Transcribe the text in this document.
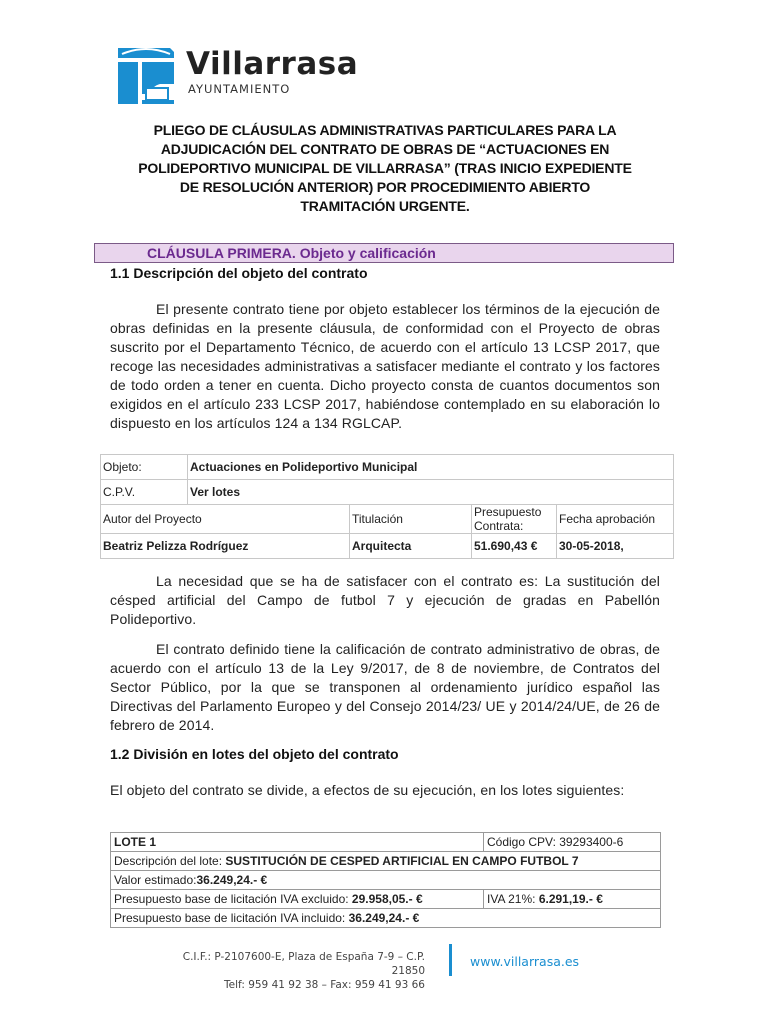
Villarrasa
AYUNTAMIENTO
PLIEGO DE CLÁUSULAS ADMINISTRATIVAS PARTICULARES PARA LA
ADJUDICACIÓN DEL CONTRATO DE OBRAS DE “ACTUACIONES EN
POLIDEPORTIVO MUNICIPAL DE VILLARRASA” (TRAS INICIO EXPEDIENTE
DE RESOLUCIÓN ANTERIOR) POR PROCEDIMIENTO ABIERTO
TRAMITACIÓN URGENTE.
CLÁUSULA PRIMERA. Objeto y calificación
1.1 Descripción del objeto del contrato
El presente contrato tiene por objeto establecer los términos de la ejecución de obras definidas en la presente cláusula, de conformidad con el Proyecto de obras suscrito por el Departamento Técnico, de acuerdo con el artículo 13 LCSP 2017, que recoge las necesidades administrativas a satisfacer mediante el contrato y los factores de todo orden a tener en cuenta. Dicho proyecto consta de cuantos documentos son exigidos en el artículo 233 LCSP 2017, habiéndose contemplado en su elaboración lo dispuesto en los artículos 124 a 134 RGLCAP.
Objeto:	Actuaciones en Polideportivo Municipal			
C.P.V.	Ver lotes			
Autor del Proyecto		Titulación	Presupuesto Contrata:	Fecha aprobación
Beatriz Pelizza Rodríguez		Arquitecta	51.690,43 €	30-05-2018,
La necesidad que se ha de satisfacer con el contrato es: La sustitución del césped artificial del Campo de futbol 7 y ejecución de gradas en Pabellón Polideportivo.
El contrato definido tiene la calificación de contrato administrativo de obras, de acuerdo con el artículo 13 de la Ley 9/2017, de 8 de noviembre, de Contratos del Sector Público, por la que se transponen al ordenamiento jurídico español las Directivas del Parlamento Europeo y del Consejo 2014/23/ UE y 2014/24/UE, de 26 de febrero de 2014.
1.2 División en lotes del objeto del contrato
El objeto del contrato se divide, a efectos de su ejecución, en los lotes siguientes:
LOTE 1	Código CPV: 39293400-6
Descripción del lote: SUSTITUCIÓN DE CESPED ARTIFICIAL EN CAMPO FUTBOL 7	
Valor estimado:36.249,24.- €	
Presupuesto base de licitación IVA excluido: 29.958,05.- €	IVA 21%: 6.291,19.- €
Presupuesto base de licitación IVA incluido: 36.249,24.- €	
C.I.F.: P-2107600-E, Plaza de España 7-9 – C.P. 21850
Telf: 959 41 92 38 – Fax: 959 41 93 66
www.villarrasa.es
